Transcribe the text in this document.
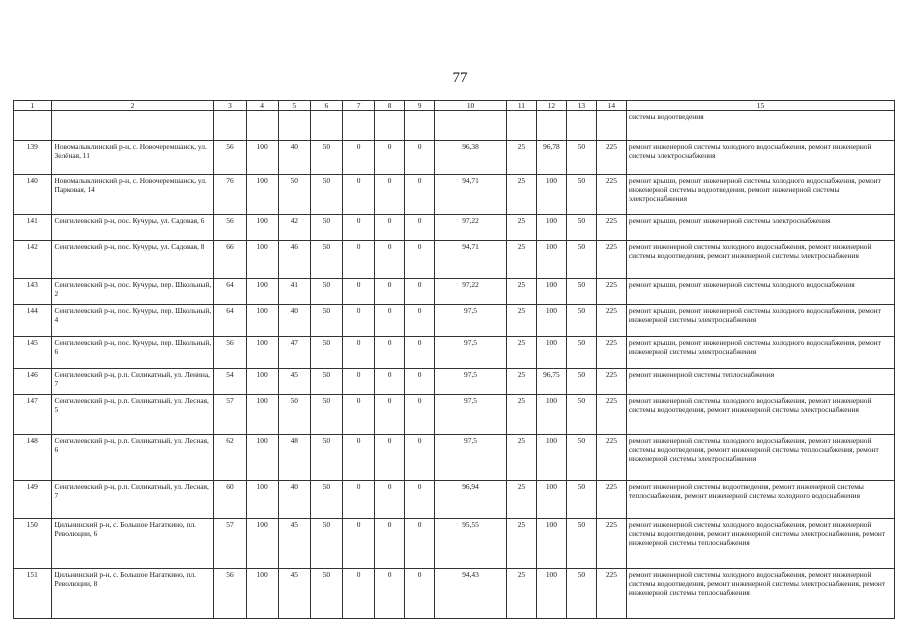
77
1	2	3	4	5	6	7	8	9	10	11	12	13	14	15
														системы водоотведения
139	Новомалыклинский р-н, с. Новочеремшанск, ул. Зелёная, 11	56	100	40	50	0	0	0	96,38	25	96,78	50	225	ремонт инженерной системы холодного водоснабжения, ремонт инженерной системы электроснабжения
140	Новомалыклинский р-н, с. Новочеремшанск, ул. Парковая, 14	76	100	50	50	0	0	0	94,71	25	100	50	225	ремонт крыши, ремонт инженерной системы холодного водоснабжения, ремонт инженерной системы водоотведения, ремонт инженерной системы электроснабжения
141	Сенгилеевский р-н, пос. Кучуры, ул. Садовая, 6	56	100	42	50	0	0	0	97,22	25	100	50	225	ремонт крыши, ремонт инженерной системы электроснабжения
142	Сенгилеевский р-н, пос. Кучуры, ул. Садовая, 8	66	100	46	50	0	0	0	94,71	25	100	50	225	ремонт инженерной системы холодного водоснабжения, ремонт инженерной системы водоотведения, ремонт инженерной системы электроснабжения
143	Сенгилеевский р-н, пос. Кучуры, пер. Школьный, 2	64	100	41	50	0	0	0	97,22	25	100	50	225	ремонт крыши, ремонт инженерной системы холодного водоснабжения
144	Сенгилеевский р-н, пос. Кучуры, пер. Школьный, 4	64	100	40	50	0	0	0	97,5	25	100	50	225	ремонт крыши, ремонт инженерной системы холодного водоснабжения, ремонт инженерной системы электроснабжения
145	Сенгилеевский р-н, пос. Кучуры, пер. Школьный, 6	56	100	47	50	0	0	0	97,5	25	100	50	225	ремонт крыши, ремонт инженерной системы холодного водоснабжения, ремонт инженерной системы электроснабжения
146	Сенгилеевский р-н, р.п. Силикатный, ул. Ленина, 7	54	100	45	50	0	0	0	97,5	25	96,75	50	225	ремонт инженерной системы теплоснабжения
147	Сенгилеевский р-н, р.п. Силикатный, ул. Лесная, 5	57	100	50	50	0	0	0	97,5	25	100	50	225	ремонт инженерной системы холодного водоснабжения, ремонт инженерной системы водоотведения, ремонт инженерной системы электроснабжения
148	Сенгилеевский р-н, р.п. Силикатный, ул. Лесная, 6	62	100	48	50	0	0	0	97,5	25	100	50	225	ремонт инженерной системы холодного водоснабжения, ремонт инженерной системы водоотведения, ремонт инженерной системы теплоснабжения, ремонт инженерной системы электроснабжения
149	Сенгилеевский р-н, р.п. Силикатный, ул. Лесная, 7	60	100	40	50	0	0	0	96,94	25	100	50	225	ремонт инженерной системы водоотведения, ремонт инженерной системы теплоснабжения, ремонт инженерной системы холодного водоснабжения
150	Цильнинский р-н, с. Большое Нагаткино, пл. Революции, 6	57	100	45	50	0	0	0	95,55	25	100	50	225	ремонт инженерной системы холодного водоснабжения, ремонт инженерной системы водоотведения, ремонт инженерной системы электроснабжения, ремонт инженерной системы теплоснабжения
151	Цильнинский р-н, с. Большое Нагаткино, пл. Революции, 8	56	100	45	50	0	0	0	94,43	25	100	50	225	ремонт инженерной системы холодного водоснабжения, ремонт инженерной системы водоотведения, ремонт инженерной системы электроснабжения, ремонт инженерной системы теплоснабжения
